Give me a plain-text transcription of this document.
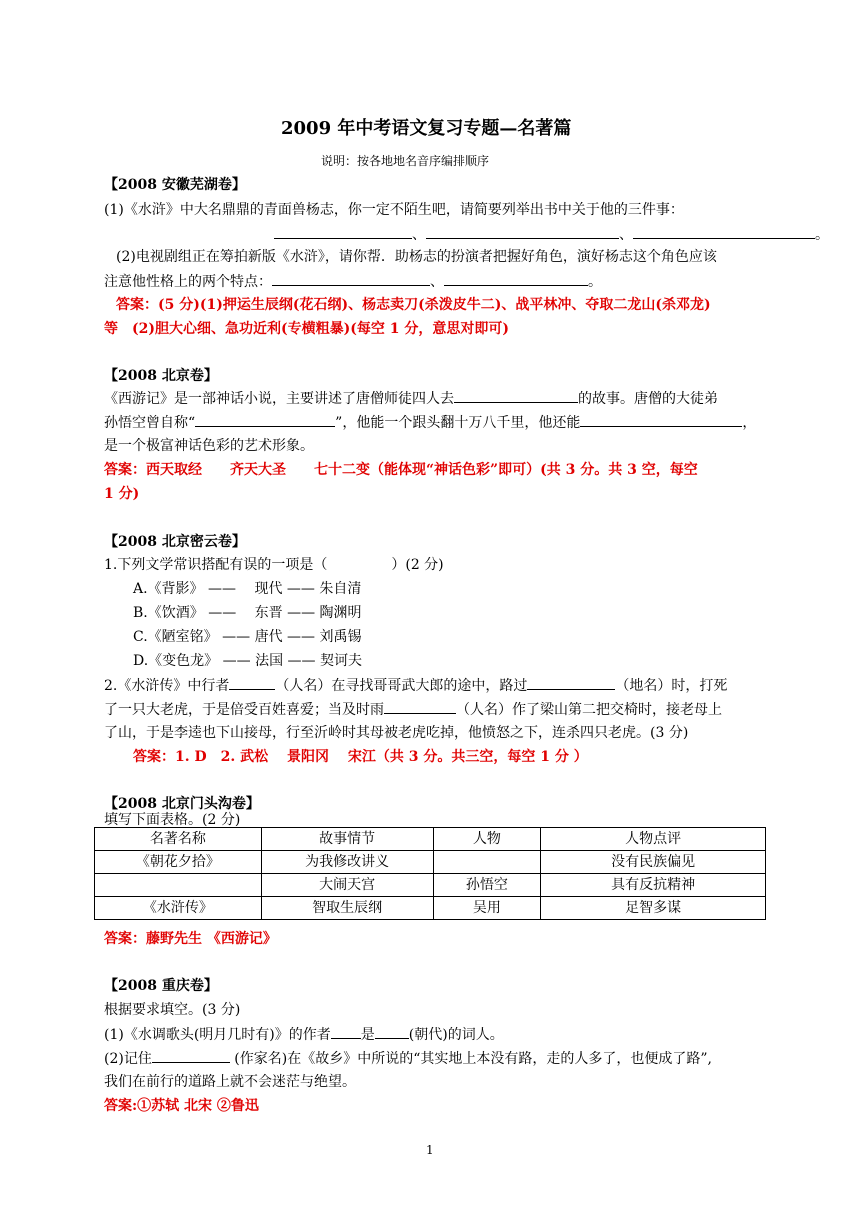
2009 年中考语文复习专题—名著篇
说明：按各地地名音序编排顺序
【2008 安徽芜湖卷】
(1)《水浒》中大名鼎鼎的青面兽杨志，你一定不陌生吧，请简要列举出书中关于他的三件事：
、	、	。
(2)电视剧组正在筹拍新版《水浒》，请你帮．助杨志的扮演者把握好角色，演好杨志这个角色应该
注意他性格上的两个特点：	、	。
答案：(5 分)(1)押运生辰纲(花石纲)、杨志卖刀(杀泼皮牛二)、战平林冲、夺取二龙山(杀邓龙)
等　(2)胆大心细、急功近利(专横粗暴)(每空 1 分，意思对即可)
【2008 北京卷】
《西游记》是一部神话小说，主要讲述了唐僧师徒四人去	的故事。唐僧的大徒弟
孙悟空曾自称“	”，他能一个跟头翻十万八千里，他还能	，
是一个极富神话色彩的艺术形象。
答案：西天取经　　齐天大圣　　七十二变（能体现“神话色彩”即可）(共 3 分。共 3 空，每空
1 分)
【2008 北京密云卷】
1.下列文学常识搭配有误的一项是（	）(2 分)
A.《背影》 ——　 现代 —— 朱自清
B.《饮酒》 ——　 东晋 —— 陶渊明
C.《陋室铭》 —— 唐代 —— 刘禹锡
D.《变色龙》 —— 法国 —— 契诃夫
2.《水浒传》中行者	（人名）在寻找哥哥武大郎的途中，路过	（地名）时，打死
了一只大老虎，于是倍受百姓喜爱；当及时雨	（人名）作了梁山第二把交椅时，接老母上
了山，于是李逵也下山接母，行至沂岭时其母被老虎吃掉，他愤怒之下，连杀四只老虎。(3 分)
答案：1. D　2. 武松　 景阳冈　 宋江（共 3 分。共三空，每空 1 分 ）
【2008 北京门头沟卷】
填写下面表格。(2 分)
名著名称	故事情节	人物	人物点评
《朝花夕拾》	为我修改讲义		没有民族偏见
	大闹天宫	孙悟空	具有反抗精神
《水浒传》	智取生辰纲	吴用	足智多谋
答案：藤野先生 《西游记》
【2008 重庆卷】
根据要求填空。(3 分)
(1)《水调歌头(明月几时有)》的作者 是 (朝代)的词人。
(2)记住	(作家名)在《故乡》中所说的“其实地上本没有路，走的人多了，也便成了路”,
我们在前行的道路上就不会迷茫与绝望。
答案:①苏轼 北宋 ②鲁迅
1
